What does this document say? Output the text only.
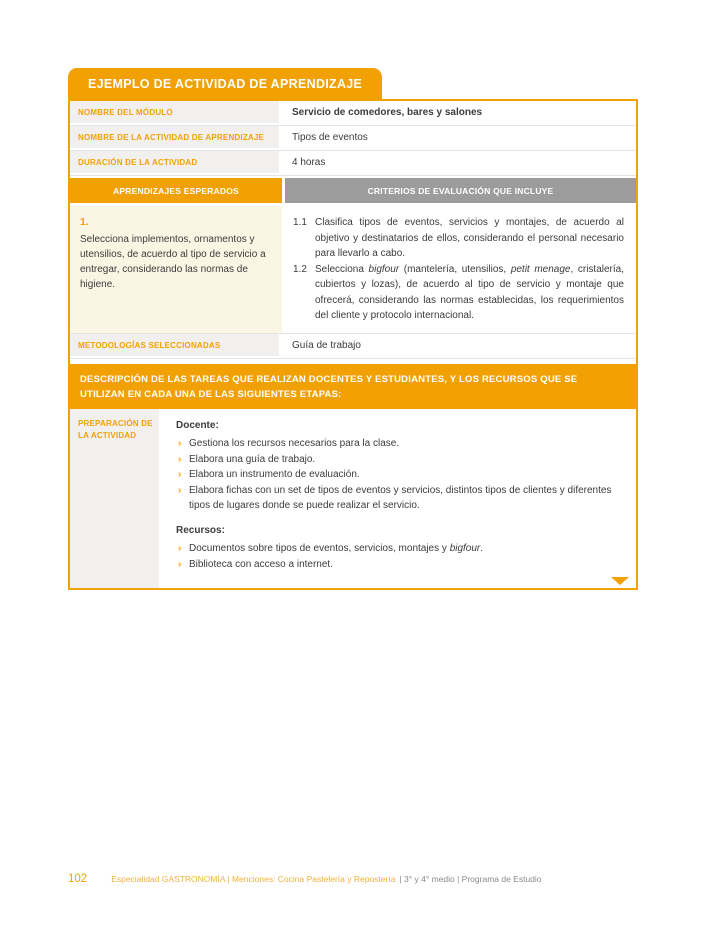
EJEMPLO DE ACTIVIDAD DE APRENDIZAJE
NOMBRE DEL MÓDULO	Servicio de comedores, bares y salones
NOMBRE DE LA ACTIVIDAD DE APRENDIZAJE	Tipos de eventos
DURACIÓN DE LA ACTIVIDAD	4 horas
APRENDIZAJES ESPERADOS	CRITERIOS DE EVALUACIÓN QUE INCLUYE
1.
Selecciona implementos, ornamentos y utensilios, de acuerdo al tipo de servicio a entregar, considerando las normas de higiene.
1.1 Clasifica tipos de eventos, servicios y montajes, de acuerdo al objetivo y destinatarios de ellos, considerando el personal necesario para llevarlo a cabo.
1.2 Selecciona bigfour (mantelería, utensilios, petit menage, cristalería, cubiertos y lozas), de acuerdo al tipo de servicio y montaje que ofrecerá, considerando las normas establecidas, los requerimientos del cliente y protocolo internacional.
METODOLOGÍAS SELECCIONADAS	Guía de trabajo
DESCRIPCIÓN DE LAS TAREAS QUE REALIZAN DOCENTES Y ESTUDIANTES, Y LOS RECURSOS QUE SE UTILIZAN EN CADA UNA DE LAS SIGUIENTES ETAPAS:
PREPARACIÓN DE LA ACTIVIDAD
Docente:
› Gestiona los recursos necesarios para la clase.
› Elabora una guía de trabajo.
› Elabora un instrumento de evaluación.
› Elabora fichas con un set de tipos de eventos y servicios, distintos tipos de clientes y diferentes tipos de lugares donde se puede realizar el servicio.
Recursos:
› Documentos sobre tipos de eventos, servicios, montajes y bigfour.
› Biblioteca con acceso a internet.
102	Especialidad GASTRONOMÍA | Menciones: Cocina Pastelería y Repostería | 3° y 4° medio | Programa de Estudio
